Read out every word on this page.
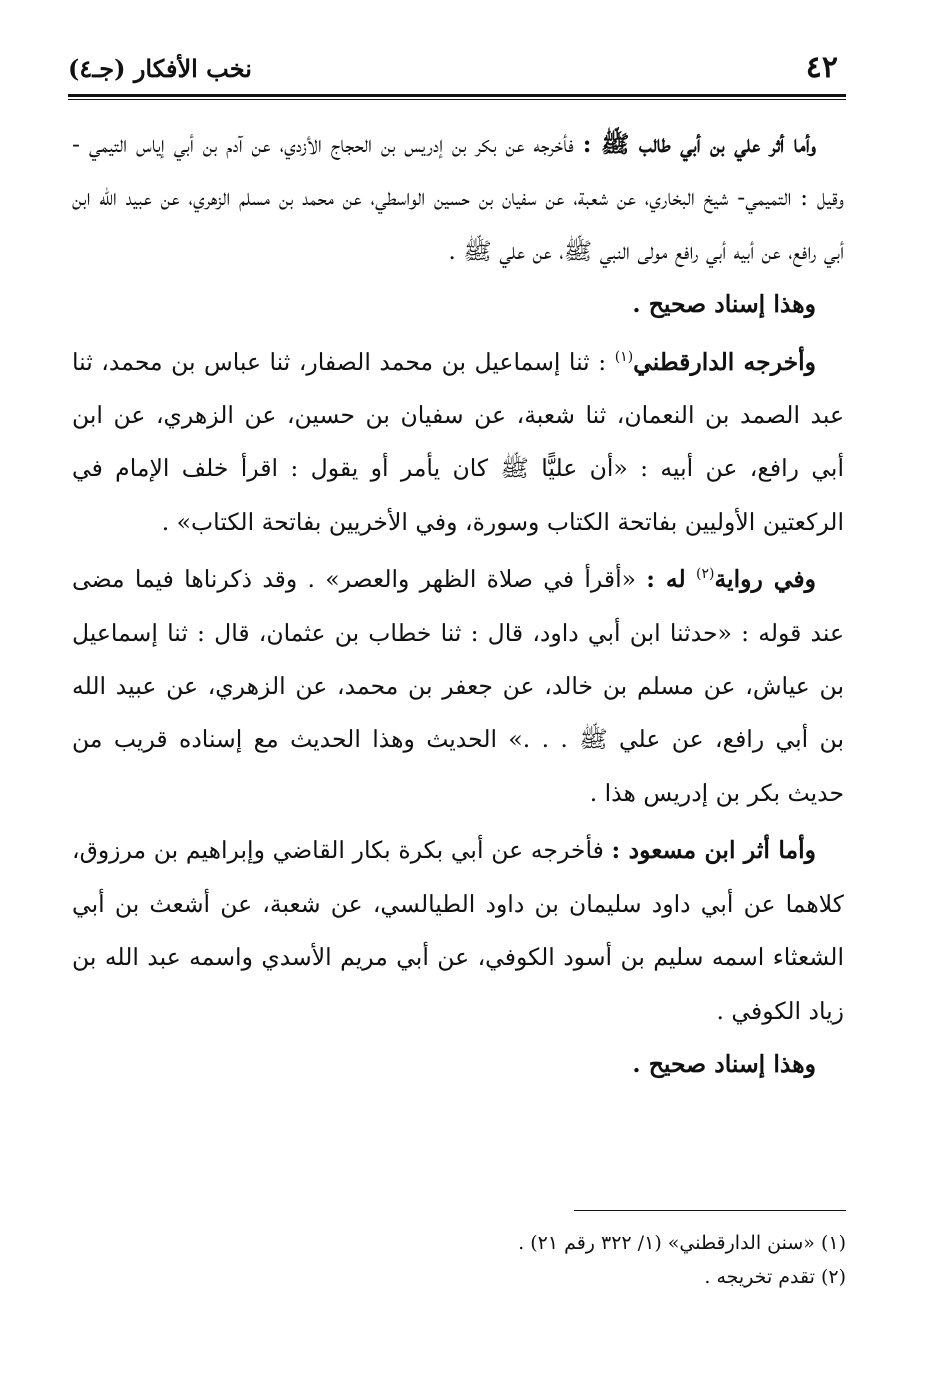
٤٢
نخب الأفكار (جـ٤)

وأما أثر علي بن أبي طالب ﷺ : فأخرجه عن بكر بن إدريس بن الحجاج الأزدي، عن آدم بن أبي إياس التيمي - وقيل : التميمي- شيخ البخاري، عن شعبة، عن سفيان بن حسين الواسطي، عن محمد بن مسلم الزهري، عن عبيد الله ابن أبي رافع، عن أبيه أبي رافع مولى النبي ﷺ، عن علي ﷺ .

وهذا إسناد صحيح .

وأخرجه الدارقطني$^{(١)}$ : ثنا إسماعيل بن محمد الصفار، ثنا عباس بن محمد، ثنا عبد الصمد بن النعمان، ثنا شعبة، عن سفيان بن حسين، عن الزهري، عن ابن أبي رافع، عن أبيه : «أن عليًّا ﷺ كان يأمر أو يقول : اقرأ خلف الإمام في الركعتين الأوليين بفاتحة الكتاب وسورة، وفي الأخريين بفاتحة الكتاب» .

وفي رواية$^{(٢)}$ له : «أقرأ في صلاة الظهر والعصر» . وقد ذكرناها فيما مضى عند قوله : «حدثنا ابن أبي داود، قال : ثنا خطاب بن عثمان، قال : ثنا إسماعيل بن عياش، عن مسلم بن خالد، عن جعفر بن محمد، عن الزهري، عن عبيد الله بن أبي رافع، عن علي ﷺ . . .» الحديث وهذا الحديث مع إسناده قريب من حديث بكر بن إدريس هذا .

وأما أثر ابن مسعود : فأخرجه عن أبي بكرة بكار القاضي وإبراهيم بن مرزوق، كلاهما عن أبي داود سليمان بن داود الطيالسي، عن شعبة، عن أشعث بن أبي الشعثاء اسمه سليم بن أسود الكوفي، عن أبي مريم الأسدي واسمه عبد الله بن زياد الكوفي .

وهذا إسناد صحيح .

(١) «سنن الدارقطني» (١/ ٣٢٢ رقم ٢١) .
(٢) تقدم تخريجه .
